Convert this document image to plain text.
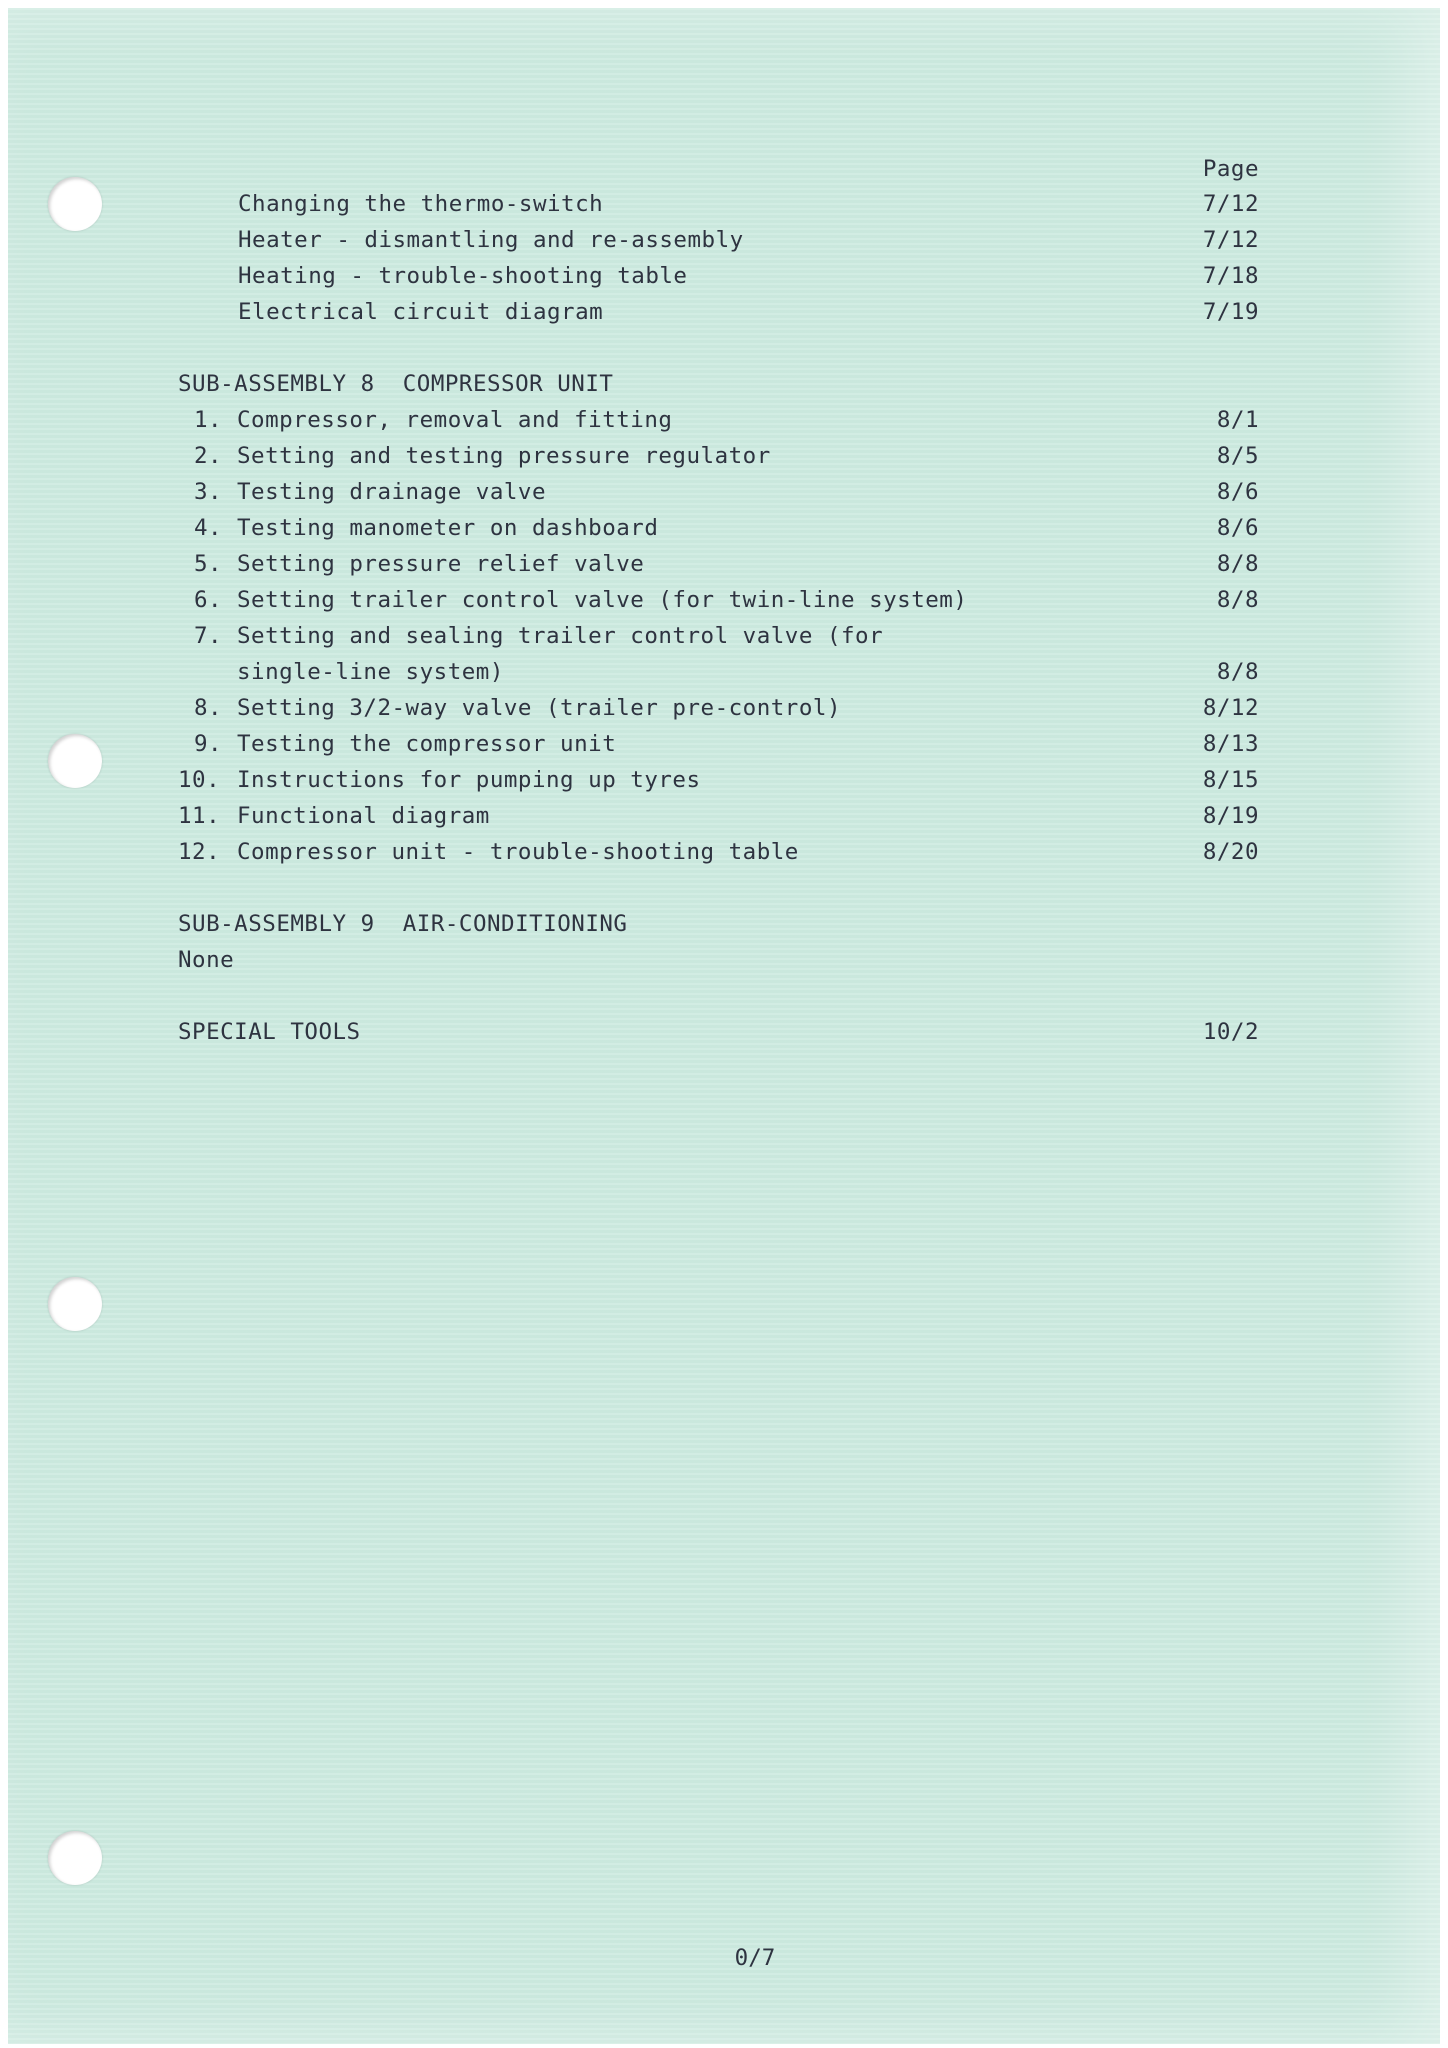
Page
Changing the thermo-switch	7/12
Heater - dismantling and re-assembly	7/12
Heating - trouble-shooting table	7/18
Electrical circuit diagram	7/19
SUB-ASSEMBLY 8  COMPRESSOR UNIT
1. Compressor, removal and fitting	8/1
2. Setting and testing pressure regulator	8/5
3. Testing drainage valve	8/6
4. Testing manometer on dashboard	8/6
5. Setting pressure relief valve	8/8
6. Setting trailer control valve (for twin-line system)	8/8
7. Setting and sealing trailer control valve (for
single-line system)	8/8
8. Setting 3/2-way valve (trailer pre-control)	8/12
9. Testing the compressor unit	8/13
10. Instructions for pumping up tyres	8/15
11. Functional diagram	8/19
12. Compressor unit - trouble-shooting table	8/20
SUB-ASSEMBLY 9  AIR-CONDITIONING
None
SPECIAL TOOLS	10/2
0/7
